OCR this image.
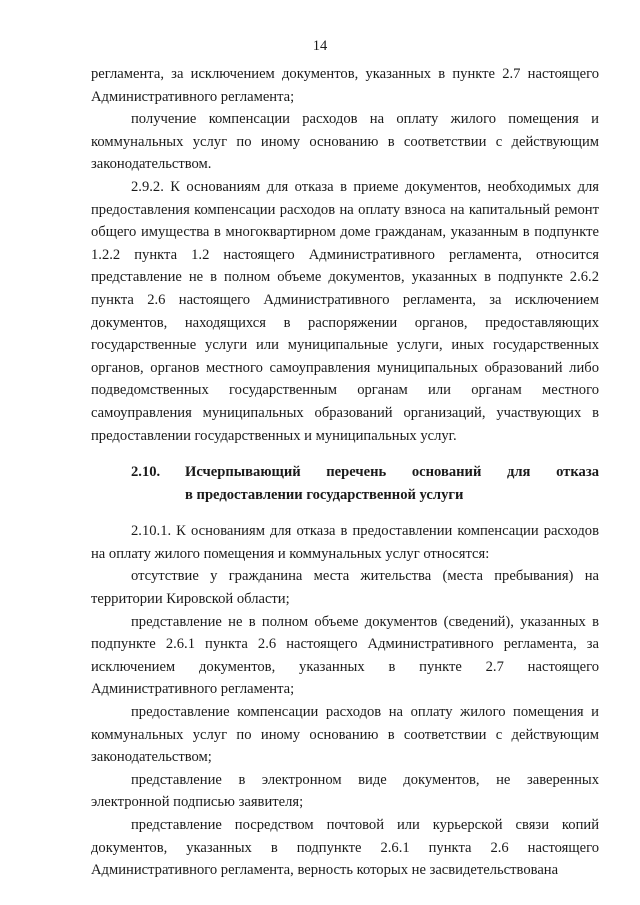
14

регламента, за исключением документов, указанных в пункте 2.7 настоящего Административного регламента;

получение компенсации расходов на оплату жилого помещения и коммунальных услуг по иному основанию в соответствии с действующим законодательством.

2.9.2. К основаниям для отказа в приеме документов, необходимых для предоставления компенсации расходов на оплату взноса на капитальный ремонт общего имущества в многоквартирном доме гражданам, указанным в подпункте 1.2.2 пункта 1.2 настоящего Административного регламента, относится представление не в полном объеме документов, указанных в подпункте 2.6.2 пункта 2.6 настоящего Административного регламента, за исключением документов, находящихся в распоряжении органов, предоставляющих государственные услуги или муниципальные услуги, иных государственных органов, органов местного самоуправления муниципальных образований либо подведомственных государственным органам или органам местного самоуправления муниципальных образований организаций, участвующих в предоставлении государственных и муниципальных услуг.

2.10.	Исчерпывающий перечень оснований для отказа
в предоставлении государственной услуги

2.10.1. К основаниям для отказа в предоставлении компенсации расходов на оплату жилого помещения и коммунальных услуг относятся:

отсутствие у гражданина места жительства (места пребывания) на территории Кировской области;

представление не в полном объеме документов (сведений), указанных в подпункте 2.6.1 пункта 2.6 настоящего Административного регламента, за исключением документов, указанных в пункте 2.7 настоящего Административного регламента;

предоставление компенсации расходов на оплату жилого помещения и коммунальных услуг по иному основанию в соответствии с действующим законодательством;

представление в электронном виде документов, не заверенных электронной подписью заявителя;

представление посредством почтовой или курьерской связи копий документов, указанных в подпункте 2.6.1 пункта 2.6 настоящего Административного регламента, верность которых не засвидетельствована
